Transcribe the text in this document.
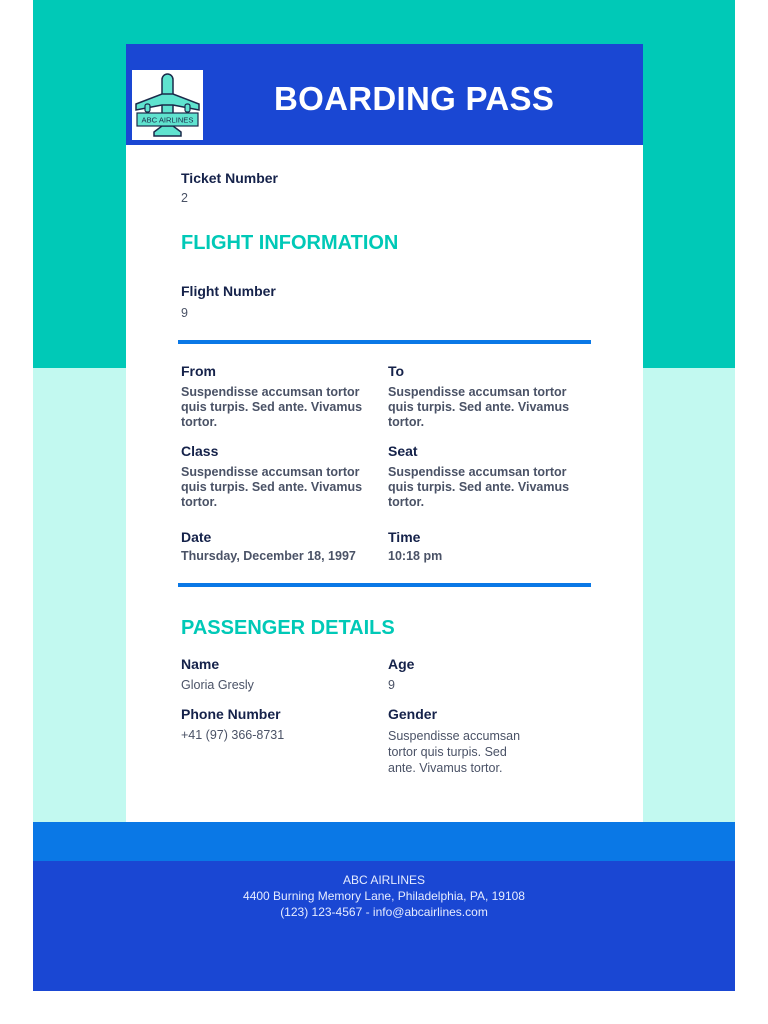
ABC AIRLINES
BOARDING PASS
Ticket Number
2
FLIGHT INFORMATION
Flight Number
9
From
Suspendisse accumsan tortor quis turpis. Sed ante. Vivamus tortor.
To
Suspendisse accumsan tortor quis turpis. Sed ante. Vivamus tortor.
Class
Suspendisse accumsan tortor quis turpis. Sed ante. Vivamus tortor.
Seat
Suspendisse accumsan tortor quis turpis. Sed ante. Vivamus tortor.
Date
Thursday, December 18, 1997
Time
10:18 pm
PASSENGER DETAILS
Name
Gloria Gresly
Age
9
Phone Number
+41 (97) 366-8731
Gender
Suspendisse accumsan tortor quis turpis. Sed ante. Vivamus tortor.
ABC AIRLINES
4400 Burning Memory Lane, Philadelphia, PA, 19108
(123) 123-4567 - info@abcairlines.com
